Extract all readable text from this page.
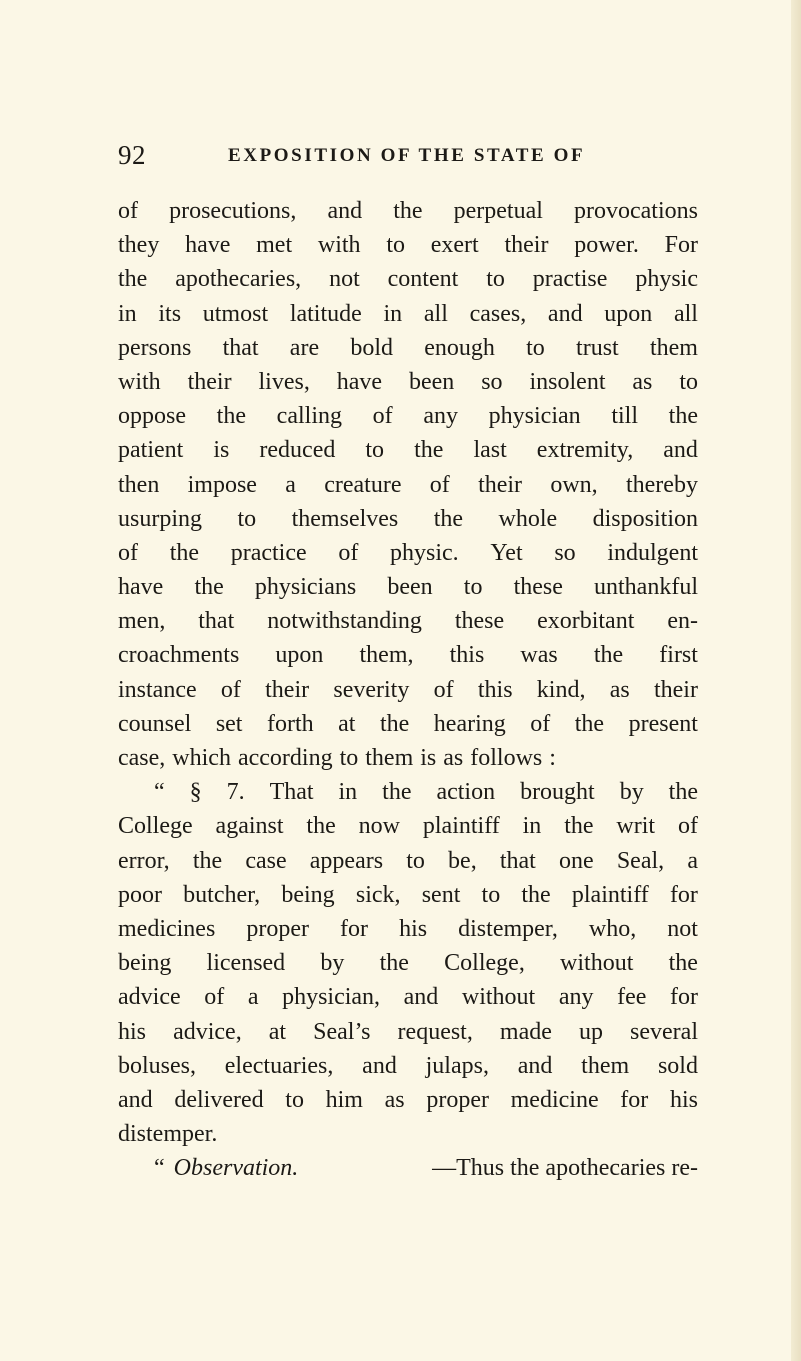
92	EXPOSITION OF THE STATE OF
of prosecutions, and the perpetual provocations
they have met with to exert their power. For
the apothecaries, not content to practise physic
in its utmost latitude in all cases, and upon all
persons that are bold enough to trust them
with their lives, have been so insolent as to
oppose the calling of any physician till the
patient is reduced to the last extremity, and
then impose a creature of their own, thereby
usurping to themselves the whole disposition
of the practice of physic. Yet so indulgent
have the physicians been to these unthankful
men, that notwithstanding these exorbitant en-
croachments upon them, this was the first
instance of their severity of this kind, as their
counsel set forth at the hearing of the present
case, which according to them is as follows :
“ § 7. That in the action brought by the
College against the now plaintiff in the writ of
error, the case appears to be, that one Seal, a
poor butcher, being sick, sent to the plaintiff for
medicines proper for his distemper, who, not
being licensed by the College, without the
advice of a physician, and without any fee for
his advice, at Seal’s request, made up several
boluses, electuaries, and julaps, and them sold
and delivered to him as proper medicine for his
distemper.
“ Observation.	—Thus the apothecaries re-
